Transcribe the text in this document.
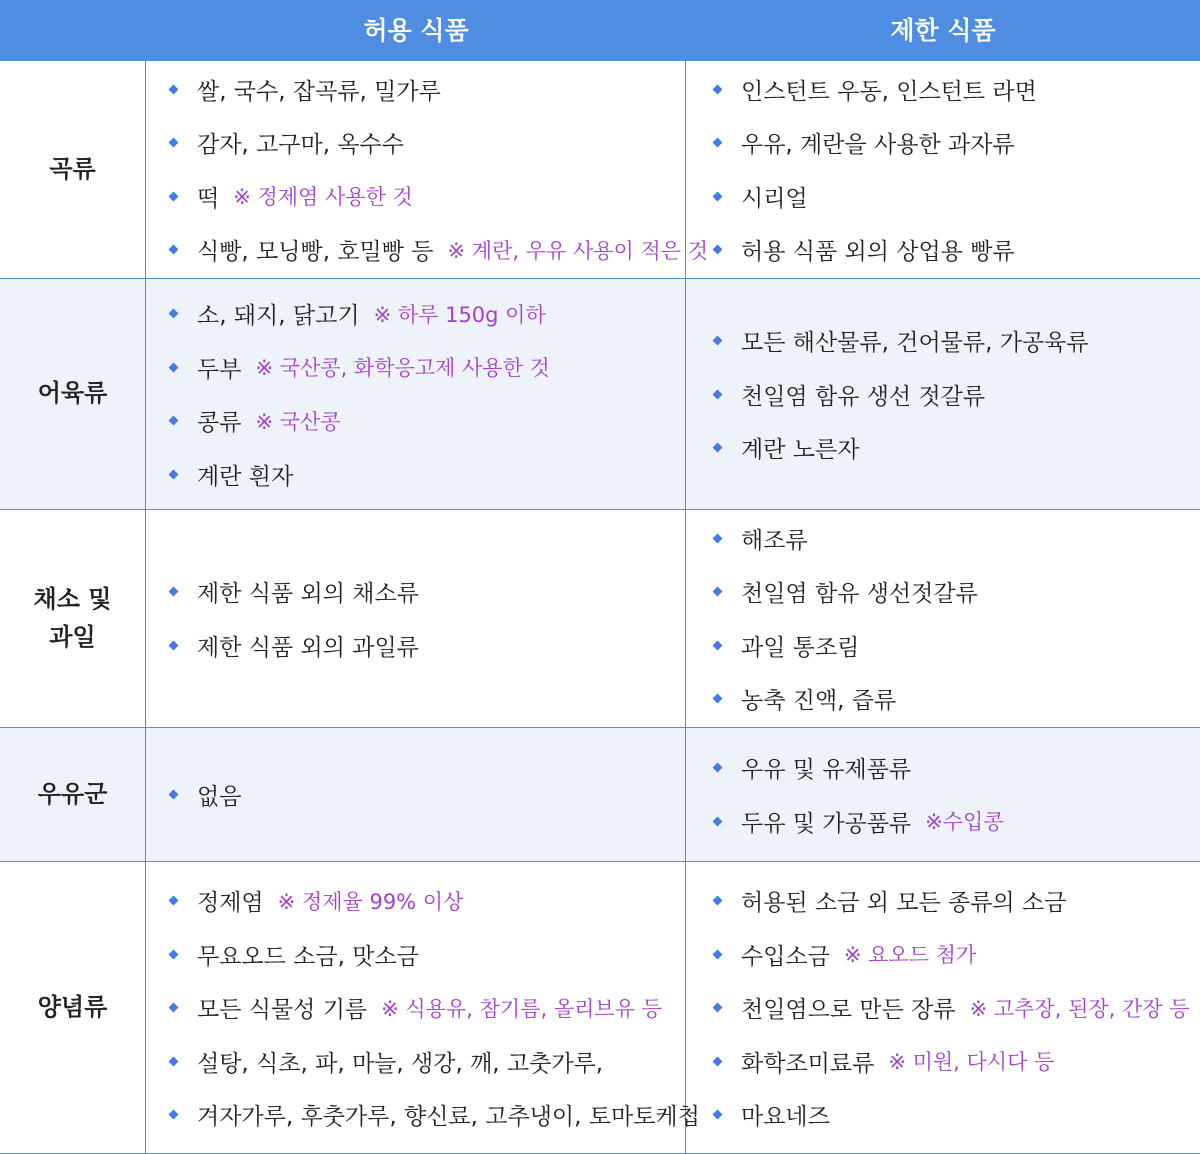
허용 식품	제한 식품
곡류
쌀, 국수, 잡곡류, 밀가루
감자, 고구마, 옥수수
떡 ※ 정제염 사용한 것
식빵, 모닝빵, 호밀빵 등 ※ 계란, 우유 사용이 적은 것
인스턴트 우동, 인스턴트 라면
우유, 계란을 사용한 과자류
시리얼
허용 식품 외의 상업용 빵류
어육류
소, 돼지, 닭고기 ※ 하루 150g 이하
두부 ※ 국산콩, 화학응고제 사용한 것
콩류 ※ 국산콩
계란 흰자
모든 해산물류, 건어물류, 가공육류
천일염 함유 생선 젓갈류
계란 노른자
채소 및
과일
제한 식품 외의 채소류
제한 식품 외의 과일류
해조류
천일염 함유 생선젓갈류
과일 통조림
농축 진액, 즙류
우유군	없음
우유 및 유제품류
두유 및 가공품류 ※수입콩
양념류
정제염 ※ 정제율 99% 이상
무요오드 소금, 맛소금
모든 식물성 기름 ※ 식용유, 참기름, 올리브유 등
설탕, 식초, 파, 마늘, 생강, 깨, 고춧가루,
겨자가루, 후춧가루, 향신료, 고추냉이, 토마토케첩
허용된 소금 외 모든 종류의 소금
수입소금 ※ 요오드 첨가
천일염으로 만든 장류 ※ 고추장, 된장, 간장 등
화학조미료류 ※ 미원, 다시다 등
마요네즈
